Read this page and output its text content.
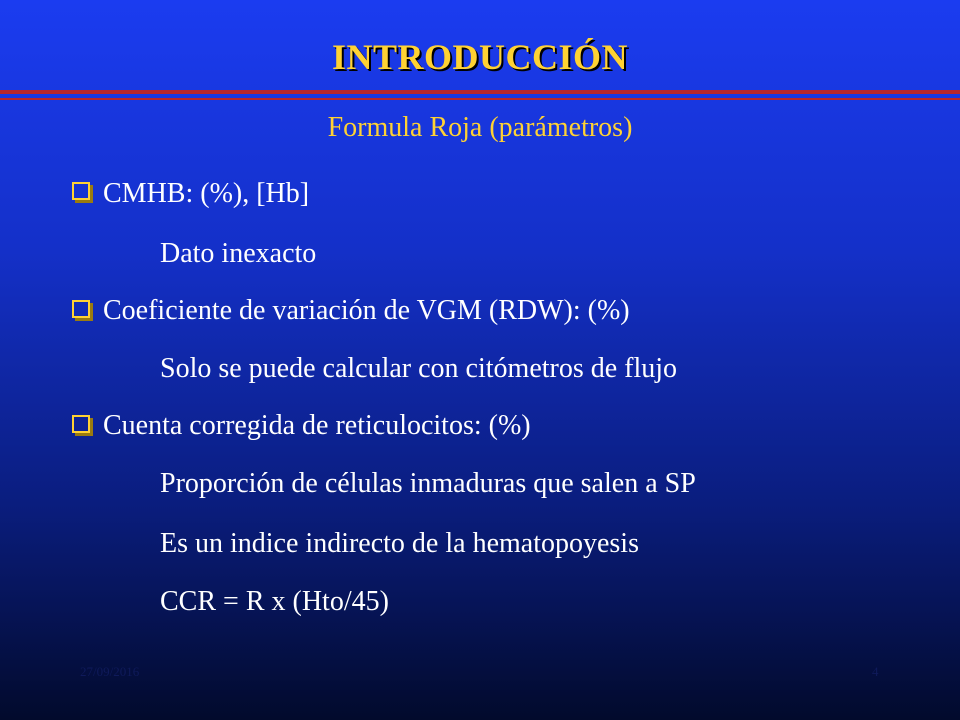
INTRODUCCIÓN
Formula Roja (parámetros)
CMHB: (%), [Hb]
Dato inexacto
Coeficiente de variación de VGM (RDW): (%)
Solo se puede calcular con citómetros de flujo
Cuenta corregida de reticulocitos: (%)
Proporción de células inmaduras que salen a SP
Es un indice indirecto de la hematopoyesis
CCR = R x (Hto/45)
27/09/2016	4
